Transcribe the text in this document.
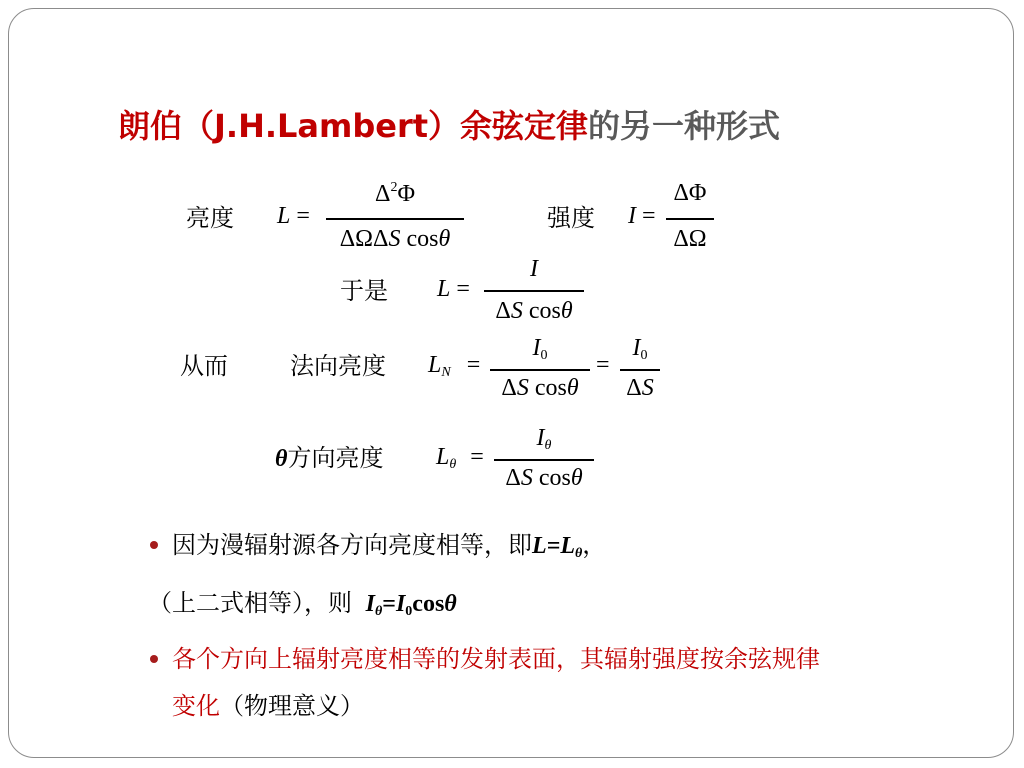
朗伯（J.H.Lambert）余弦定律的另一种形式
亮度 L =
$\Delta^2\Phi$
ΔΩΔS cosθ
强度 I =
ΔΦ
ΔΩ
于是 L =
I
ΔS cosθ
从而	法向亮度 $L_N$ =
$I_0$
ΔS cosθ
=
$I_0$
ΔS
θ方向亮度 $L_\theta$ =
$I_\theta$
ΔS cosθ
因为漫辐射源各方向亮度相等，即$L=L_\theta$，
（上二式相等），则 $I_\theta=I_0\cos\theta$
各个方向上辐射亮度相等的发射表面，其辐射强度按余弦规律
变化（物理意义）
